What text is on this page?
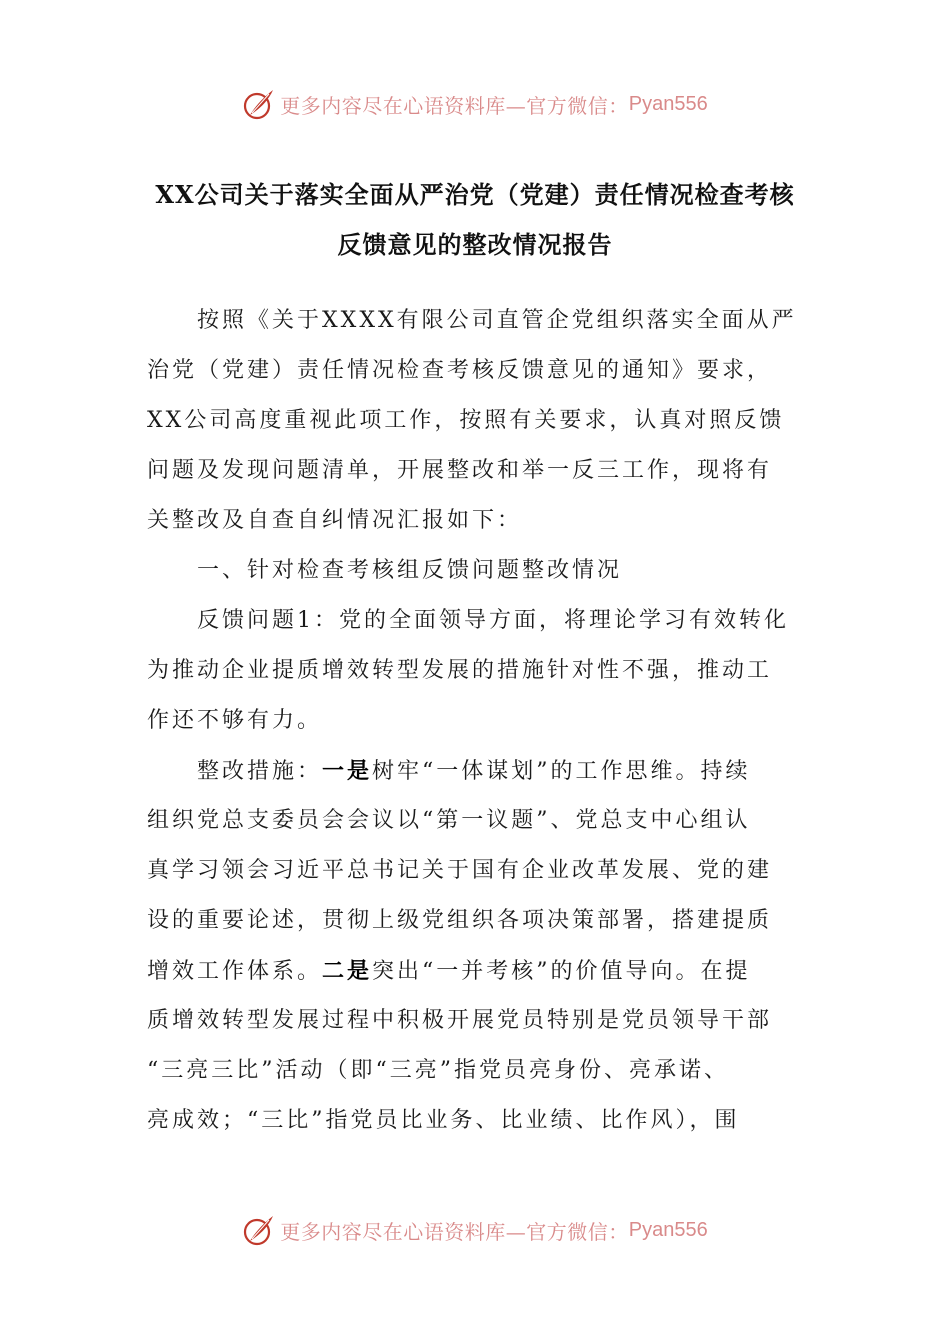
更多内容尽在心语资料库—官方微信： Pyan556
XX公司关于落实全面从严治党（党建）责任情况检查考核
反馈意见的整改情况报告
按照《关于XXXX有限公司直管企党组织落实全面从严
治党（党建）责任情况检查考核反馈意见的通知》要求，
XX公司高度重视此项工作，按照有关要求，认真对照反馈
问题及发现问题清单，开展整改和举一反三工作，现将有
关整改及自查自纠情况汇报如下：
一、针对检查考核组反馈问题整改情况
反馈问题1：党的全面领导方面，将理论学习有效转化
为推动企业提质增效转型发展的措施针对性不强，推动工
作还不够有力。
整改措施：一是树牢“一体谋划”的工作思维。持续
组织党总支委员会会议以“第一议题”、党总支中心组认
真学习领会习近平总书记关于国有企业改革发展、党的建
设的重要论述，贯彻上级党组织各项决策部署，搭建提质
增效工作体系。二是突出“一并考核”的价值导向。在提
质增效转型发展过程中积极开展党员特别是党员领导干部
“三亮三比”活动（即“三亮”指党员亮身份、亮承诺、
亮成效；“三比”指党员比业务、比业绩、比作风），围
更多内容尽在心语资料库—官方微信： Pyan556
